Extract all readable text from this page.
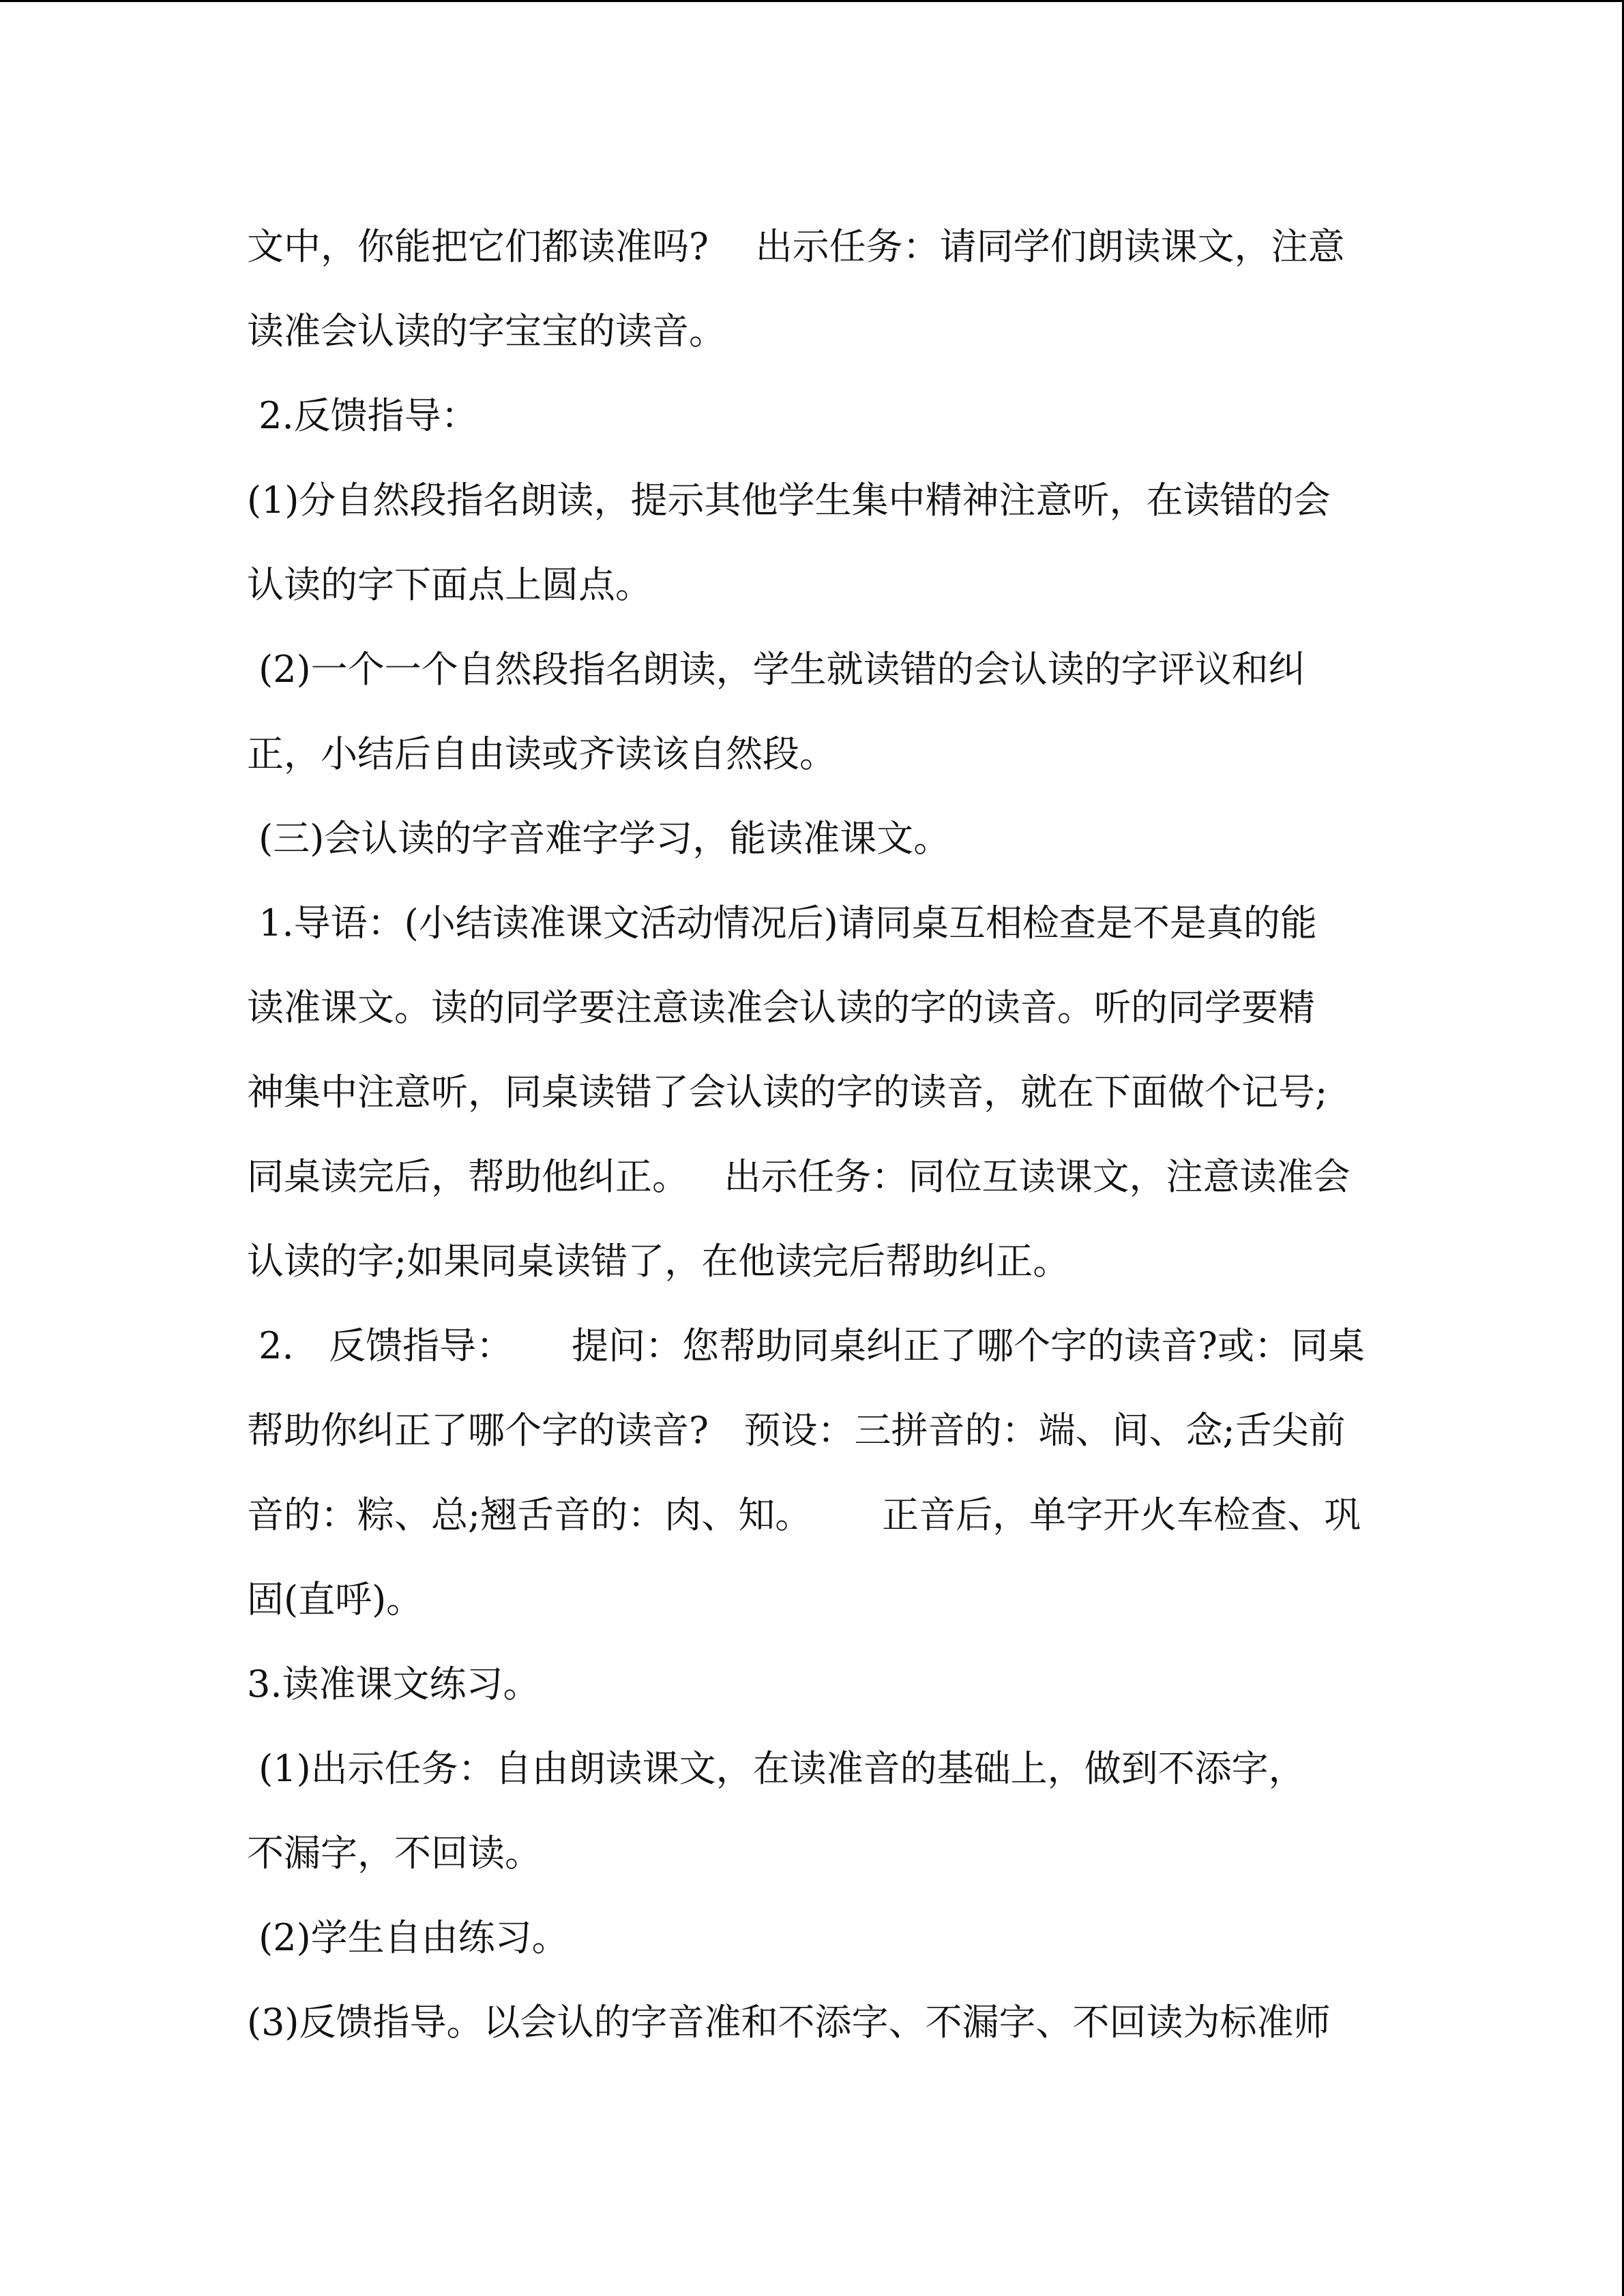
文中，你能把它们都读准吗?    出示任务：请同学们朗读课文，注意
读准会认读的字宝宝的读音。
2.反馈指导：
(1)分自然段指名朗读，提示其他学生集中精神注意听，在读错的会
认读的字下面点上圆点。
(2)一个一个自然段指名朗读，学生就读错的会认读的字评议和纠
正，小结后自由读或齐读该自然段。
(三)会认读的字音难字学习，能读准课文。
1.导语：(小结读准课文活动情况后)请同桌互相检查是不是真的能
读准课文。读的同学要注意读准会认读的字的读音。听的同学要精
神集中注意听，同桌读错了会认读的字的读音，就在下面做个记号;
同桌读完后，帮助他纠正。   出示任务：同位互读课文，注意读准会
认读的字;如果同桌读错了，在他读完后帮助纠正。
2.   反馈指导：     提问：您帮助同桌纠正了哪个字的读音?或：同桌
帮助你纠正了哪个字的读音?   预设：三拼音的：端、间、念;舌尖前
音的：粽、总;翘舌音的：肉、知。      正音后，单字开火车检查、巩
固(直呼)。
3.读准课文练习。
(1)出示任务：自由朗读课文，在读准音的基础上，做到不添字，
不漏字，不回读。
(2)学生自由练习。
(3)反馈指导。以会认的字音准和不添字、不漏字、不回读为标准师
